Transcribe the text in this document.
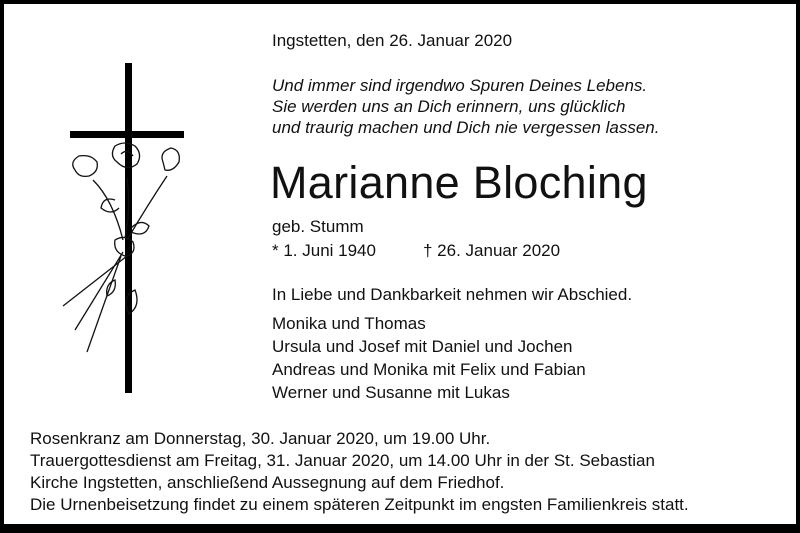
Ingstetten, den 26. Januar 2020
Und immer sind irgendwo Spuren Deines Lebens.
Sie werden uns an Dich erinnern, uns glücklich
und traurig machen und Dich nie vergessen lassen.
Marianne Bloching
geb. Stumm
* 1. Juni 1940	† 26. Januar 2020
In Liebe und Dankbarkeit nehmen wir Abschied.
Monika und Thomas
Ursula und Josef mit Daniel und Jochen
Andreas und Monika mit Felix und Fabian
Werner und Susanne mit Lukas
Rosenkranz am Donnerstag, 30. Januar 2020, um 19.00 Uhr.
Trauergottesdienst am Freitag, 31. Januar 2020, um 14.00 Uhr in der St. Sebastian
Kirche Ingstetten, anschließend Aussegnung auf dem Friedhof.
Die Urnenbeisetzung findet zu einem späteren Zeitpunkt im engsten Familienkreis statt.
